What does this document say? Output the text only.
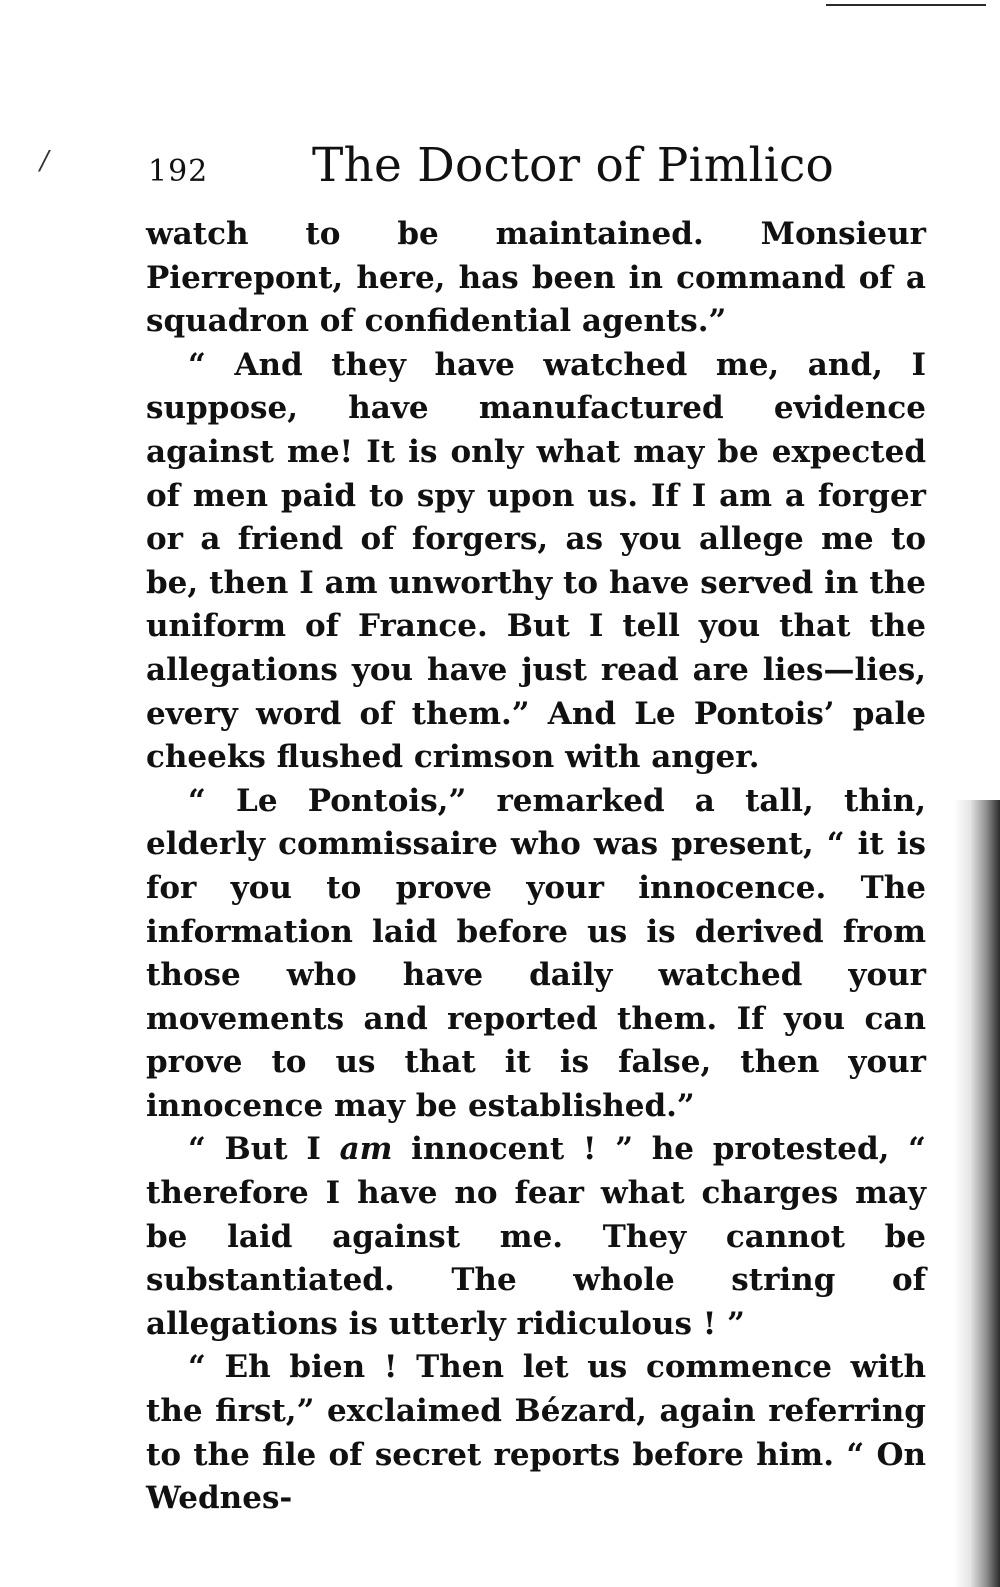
/	192 The Doctor of Pimlico

watch to be maintained. Monsieur Pierrepont, here, has been in command of a squadron of confidential agents.”

“ And they have watched me, and, I suppose, have manufactured evidence against me! It is only what may be expected of men paid to spy upon us. If I am a forger or a friend of forgers, as you allege me to be, then I am unworthy to have served in the uniform of France. But I tell you that the allegations you have just read are lies—lies, every word of them.” And Le Pontois’ pale cheeks flushed crimson with anger.

“ Le Pontois,” remarked a tall, thin, elderly commissaire who was present, “ it is for you to prove your innocence. The information laid before us is derived from those who have daily watched your movements and reported them. If you can prove to us that it is false, then your innocence may be established.”

“ But I am innocent ! ” he protested, “ therefore I have no fear what charges may be laid against me. They cannot be substantiated. The whole string of allegations is utterly ridiculous ! ”

“ Eh bien ! Then let us commence with the first,” exclaimed Bézard, again referring to the file of secret reports before him. “ On Wednes-
